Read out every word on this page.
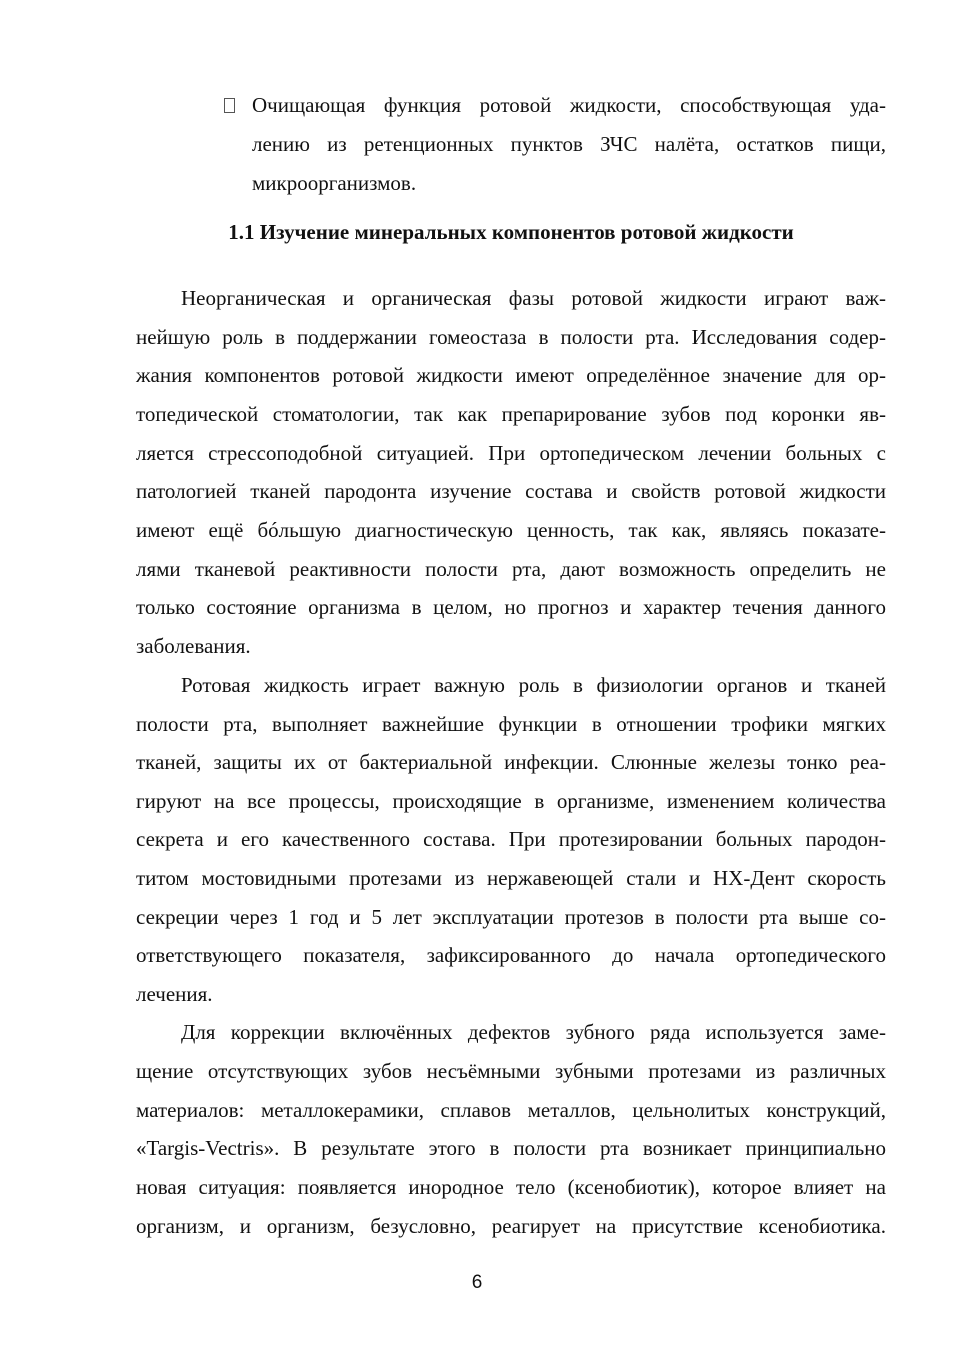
Очищающая функция ротовой жидкости, способствующая уда-
лению из ретенционных пунктов ЗЧС налёта, остатков пищи,
микроорганизмов.
1.1 Изучение минеральных компонентов ротовой жидкости
Неорганическая и органическая фазы ротовой жидкости играют важ-
нейшую роль в поддержании гомеостаза в полости рта. Исследования содер-
жания компонентов ротовой жидкости имеют определённое значение для ор-
топедической стоматологии, так как препарирование зубов под коронки яв-
ляется стрессоподобной ситуацией. При ортопедическом лечении больных с
патологией тканей пародонта изучение состава и свойств ротовой жидкости
имеют ещё бóльшую диагностическую ценность, так как, являясь показате-
лями тканевой реактивности полости рта, дают возможность определить не
только состояние организма в целом, но прогноз и характер течения данного
заболевания.
Ротовая жидкость играет важную роль в физиологии органов и тканей
полости рта, выполняет важнейшие функции в отношении трофики мягких
тканей, защиты их от бактериальной инфекции. Слюнные железы тонко реа-
гируют на все процессы, происходящие в организме, изменением количества
секрета и его качественного состава. При протезировании больных пародон-
титом мостовидными протезами из нержавеющей стали и НХ-Дент скорость
секреции через 1 год и 5 лет эксплуатации протезов в полости рта выше со-
ответствующего показателя, зафиксированного до начала ортопедического
лечения.
Для коррекции включённых дефектов зубного ряда используется заме-
щение отсутствующих зубов несъёмными зубными протезами из различных
материалов: металлокерамики, сплавов металлов, цельнолитых конструкций,
«Targis-Vectris». В результате этого в полости рта возникает принципиально
новая ситуация: появляется инородное тело (ксенобиотик), которое влияет на
организм, и организм, безусловно, реагирует на присутствие ксенобиотика.
6
